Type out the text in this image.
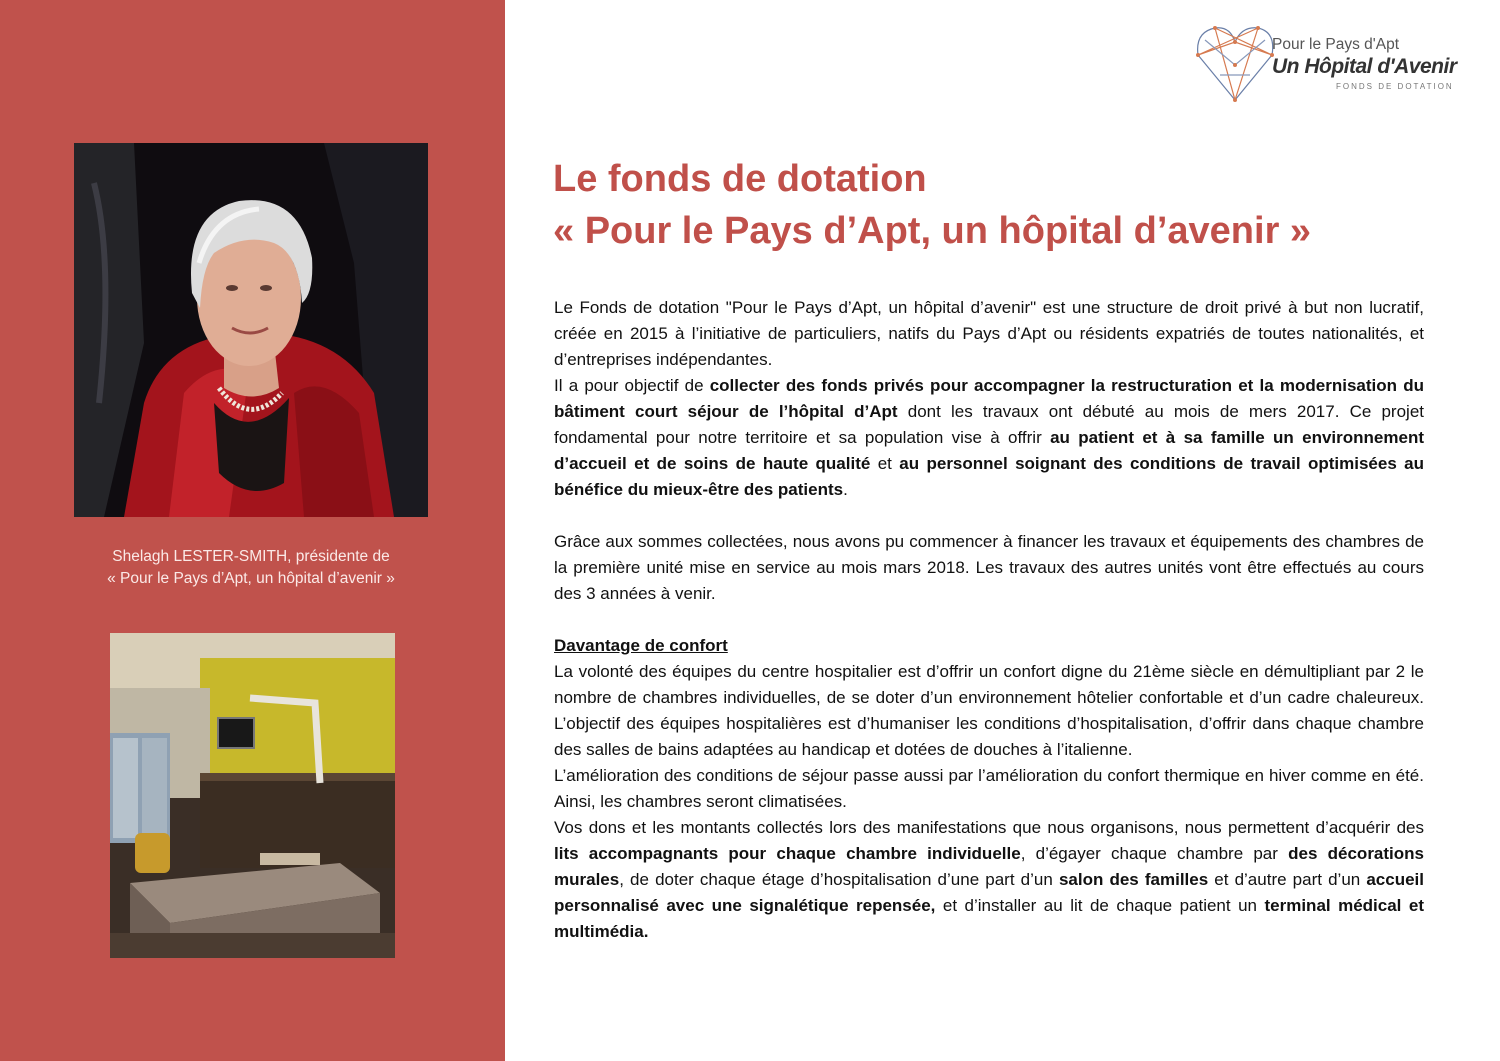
Shelagh LESTER-SMITH, présidente de
« Pour le Pays d’Apt, un hôpital d’avenir »
Pour le Pays d'Apt
Un Hôpital d'Avenir
FONDS DE DOTATION
Le fonds de dotation
« Pour le Pays d’Apt, un hôpital d’avenir »

Le Fonds de dotation "Pour le Pays d’Apt, un hôpital d’avenir" est une structure de droit privé à but non lucratif, créée en 2015 à l’initiative de particuliers, natifs du Pays d’Apt ou résidents expatriés de toutes nationalités, et d’entreprises indépendantes.

Il a pour objectif de collecter des fonds privés pour accompagner la restructuration et la modernisation du bâtiment court séjour de l’hôpital d’Apt dont les travaux ont débuté au mois de mers 2017. Ce projet fondamental pour notre territoire et sa population vise à offrir au patient et à sa famille un environnement d’accueil et de soins de haute qualité et au personnel soignant des conditions de travail optimisées au bénéfice du mieux-être des patients.

Grâce aux sommes collectées, nous avons pu commencer à financer les travaux et équipements des chambres de la première unité mise en service au mois mars 2018. Les travaux des autres unités vont être effectués au cours des 3 années à venir.

Davantage de confort

La volonté des équipes du centre hospitalier est d’offrir un confort digne du 21ème siècle en démultipliant par 2 le nombre de chambres individuelles, de se doter d’un environnement hôtelier confortable et d’un cadre chaleureux. L’objectif des équipes hospitalières est d’humaniser les conditions d’hospitalisation, d’offrir dans chaque chambre des salles de bains adaptées au handicap et dotées de douches à l’italienne.

L’amélioration des conditions de séjour passe aussi par l’amélioration du confort thermique en hiver comme en été. Ainsi, les chambres seront climatisées.

Vos dons et les montants collectés lors des manifestations que nous organisons, nous permettent d’acquérir des lits accompagnants pour chaque chambre individuelle, d’égayer chaque chambre par des décorations murales, de doter chaque étage d’hospitalisation d’une part d’un salon des familles et d’autre part d’un accueil personnalisé avec une signalétique repensée, et d’installer au lit de chaque patient un terminal médical et multimédia.
